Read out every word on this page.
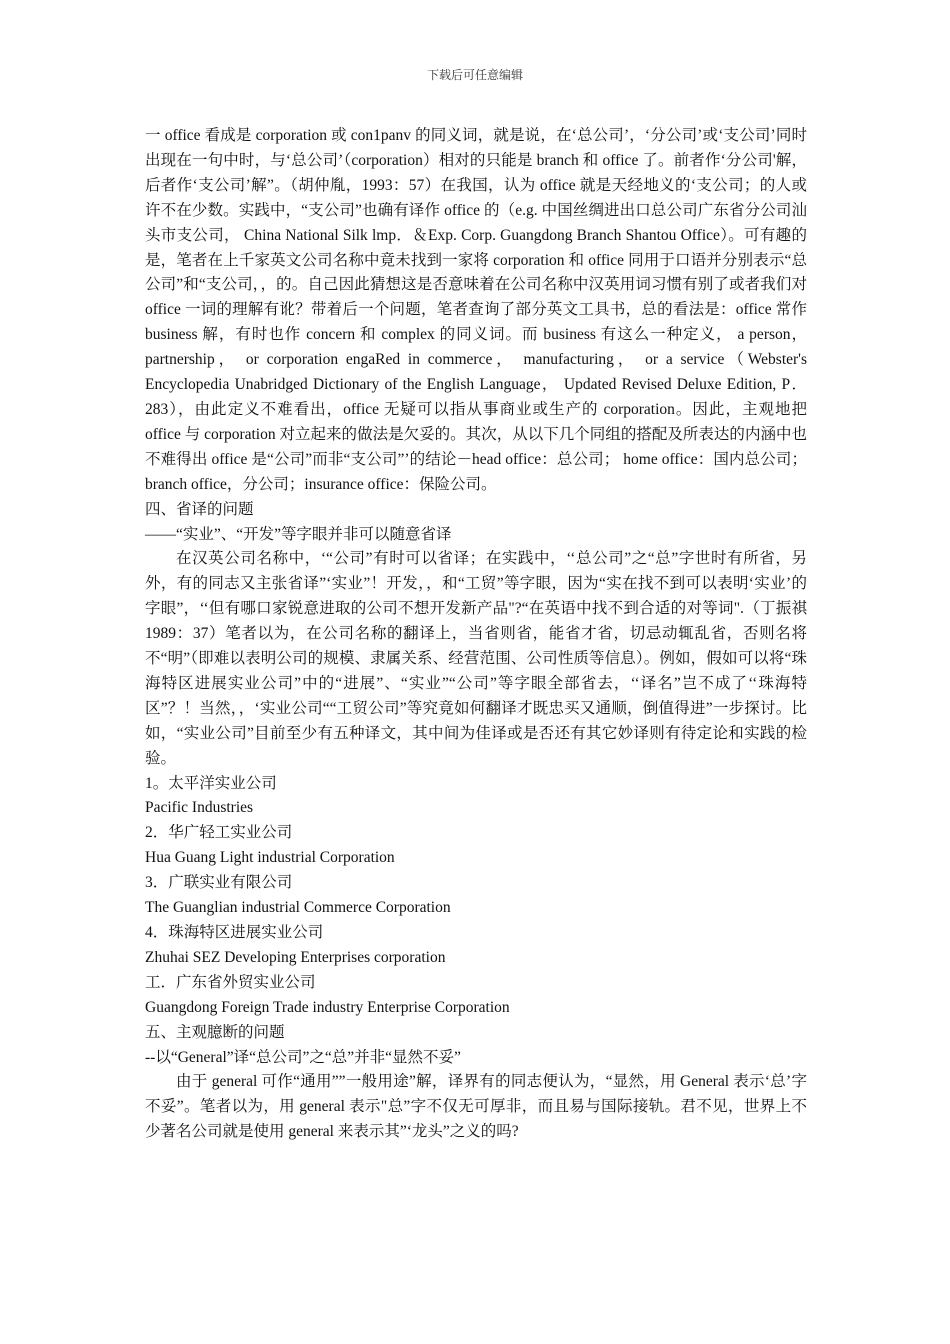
下载后可任意编辑

一 office 看成是 corporation 或 con1panv 的同义词，就是说，在‘总公司’，‘分公司’或‘支公司’同时出现在一句中时，与‘总公司’（corporation）相对的只能是 branch 和 office 了。前者作‘分公司'解，后者作‘支公司’解”。（胡仲胤，1993：57）在我国，认为 office 就是天经地义的‘支公司；的人或许不在少数。实践中，“支公司”也确有译作 office 的（e.g. 中国丝绸进出口总公司广东省分公司汕头市支公司， China National Silk lmp．＆Exp. Corp. Guangdong Branch Shantou Office）。可有趣的是，笔者在上千家英文公司名称中竟未找到一家将 corporation 和 office 同用于口语并分别表示“总公司”和“支公司，，的。自己因此猜想这是否意味着在公司名称中汉英用词习惯有别了或者我们对 office 一词的理解有讹？带着后一个问题，笔者查询了部分英文工具书，总的看法是：office 常作 business 解，有时也作 concern 和 complex 的同义词。而 business 有这么一种定义， a person， partnership， or corporation engaRed in commerce， manufacturing， or a service（Webster's Encyclopedia Unabridged Dictionary of the English Language， Updated Revised Deluxe Edition, P． 283），由此定义不难看出，office 无疑可以指从事商业或生产的 corporation。因此，主观地把 office 与 corporation 对立起来的做法是欠妥的。其次，从以下几个同组的搭配及所表达的内涵中也不难得出 office 是“公司”而非“支公司”’的结论－head office：总公司； home office：国内总公司；branch office，分公司；insurance office：保险公司。

四、省译的问题

——“实业”、“开发”等字眼并非可以随意省译

在汉英公司名称中，‘“公司”有时可以省译；在实践中，‘‘总公司”之“总”字世时有所省，另外，有的同志又主张省译”‘实业”！开发，，和“工贸”等字眼，因为“实在找不到可以表明‘实业’的字眼”，‘‘但有哪口家锐意进取的公司不想开发新产品"?“在英语中找不到合适的对等词".（丁振祺 1989：37）笔者以为，在公司名称的翻译上，当省则省，能省才省，切忌动辄乱省，否则名将不“明”（即难以表明公司的规模、隶属关系、经营范围、公司性质等信息）。例如，假如可以将“珠海特区进展实业公司”中的“进展”、“实业”“公司”等字眼全部省去，‘‘译名”岂不成了‘‘珠海特区”？！当然，，‘实业公司““工贸公司”等究竟如何翻译才既忠买又通顺，倒值得进”一步探讨。比如，“实业公司”目前至少有五种译文，其中间为佳译或是否还有其它妙译则有待定论和实践的检验。

1。太平洋实业公司

Pacific Industries

2．华广轻工实业公司

Hua Guang Light industrial Corporation

3．广联实业有限公司

The Guanglian industrial Commerce Corporation

4．珠海特区进展实业公司

Zhuhai SEZ Developing Enterprises corporation

工．广东省外贸实业公司

Guangdong Foreign Trade industry Enterprise Corporation

五、主观臆断的问题

--以“General”译“总公司”之“总”并非“显然不妥”

由于 general 可作“通用””一般用途”解，译界有的同志便认为，“显然，用 General 表示‘总’字不妥”。笔者以为，用 general 表示"总”字不仅无可厚非，而且易与国际接轨。君不见，世界上不少著名公司就是使用 general 来表示其”‘龙头”之义的吗?
